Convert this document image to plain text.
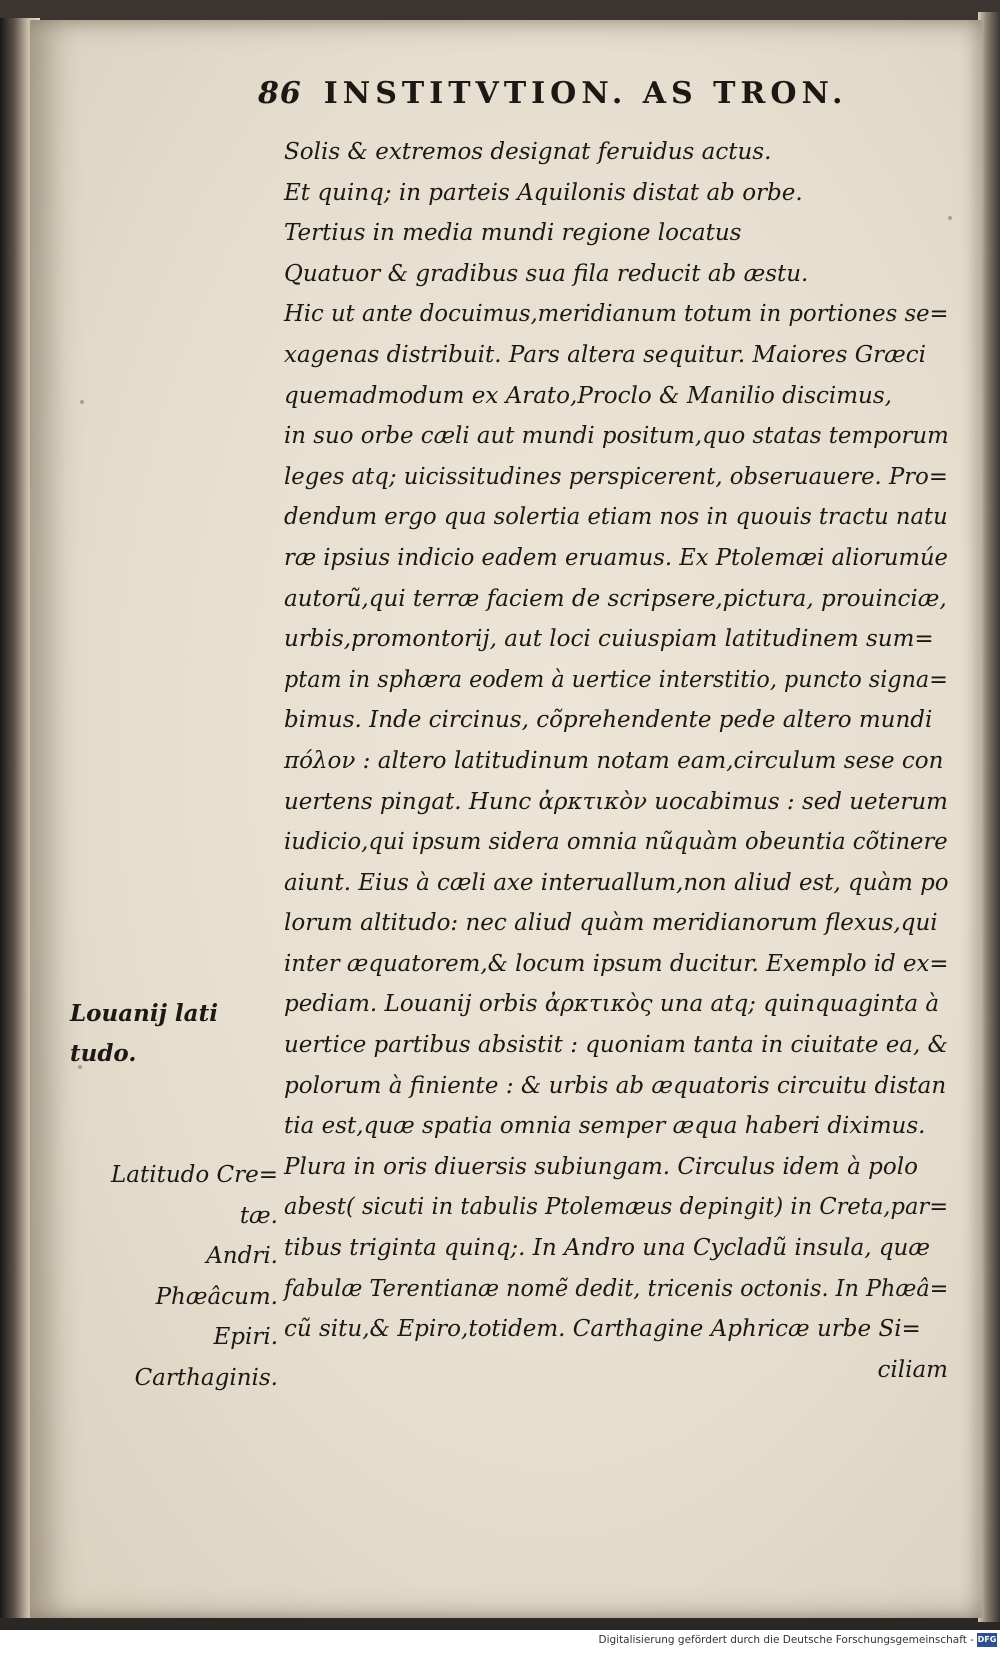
86 INSTITVTION. AS TRON.
Solis & extremos designat feruidus actus.
Et quinq; in parteis Aquilonis distat ab orbe.
Tertius in media mundi regione locatus
Quatuor & gradibus sua fila reducit ab æstu.
Hic ut ante docuimus,meridianum totum in portiones se=
xagenas distribuit. Pars altera sequitur. Maiores Græci
quemadmodum ex Arato,Proclo & Manilio discimus,
in suo orbe cæli aut mundi positum,quo statas temporum
leges atq; uicissitudines perspicerent, obseruauere. Pro=
dendum ergo qua solertia etiam nos in quouis tractu natu
ræ ipsius indicio eadem eruamus. Ex Ptolemæi aliorumúe
autorũ,qui terræ faciem de scripsere,pictura, prouinciæ,
urbis,promontorij, aut loci cuiuspiam latitudinem sum=
ptam in sphæra eodem à uertice interstitio, puncto signa=
bimus. Inde circinus, cõprehendente pede altero mundi
πόλον : altero latitudinum notam eam,circulum sese con
uertens pingat. Hunc ἀρκτικὸν uocabimus : sed ueterum
iudicio,qui ipsum sidera omnia nũquàm obeuntia cõtinere
aiunt. Eius à cæli axe interuallum,non aliud est, quàm po
lorum altitudo: nec aliud quàm meridianorum flexus,qui
inter æquatorem,& locum ipsum ducitur. Exemplo id ex=
pediam. Louanij orbis ἀρκτικὸς una atq; quinquaginta à
uertice partibus absistit : quoniam tanta in ciuitate ea, &
polorum à finiente : & urbis ab æquatoris circuitu distan
tia est,quæ spatia omnia semper æqua haberi diximus.
Plura in oris diuersis subiungam. Circulus idem à polo
abest( sicuti in tabulis Ptolemæus depingit) in Creta,par=
tibus triginta quinq;. In Andro una Cycladũ insula, quæ
fabulæ Terentianæ nomẽ dedit, tricenis octonis. In Phæâ=
cũ situ,& Epiro,totidem. Carthagine Aphricæ urbe Si=
ciliam
Louanij lati
tudo.
Latitudo Cre=
tæ.
Andri.
Phæâcum.
Epiri.
Carthaginis.
Digitalisierung gefördert durch die Deutsche Forschungsgemeinschaft - DFG
